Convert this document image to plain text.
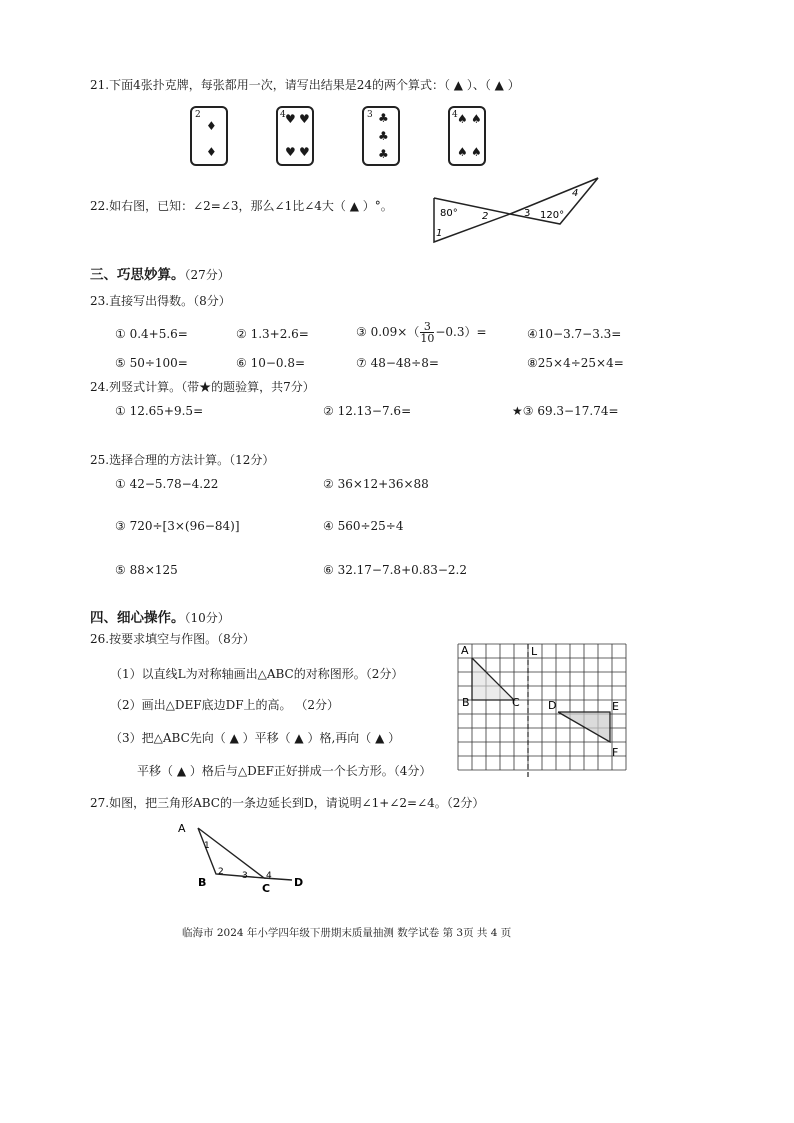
21.下面4张扑克牌，每张都用一次，请写出结果是24的两个算式：（ ▲ ）、（ ▲ ）
2
♦
♦
4 ♥ ♥
♥ ♥
3 ♣
♣
♣
4 ♠ ♠
♠ ♠
22.如右图，已知：∠2=∠3，那么∠1比∠4大（ ▲ ）°。
80°
1
2	3 120°
4
三、巧思妙算。（27分）
23.直接写出得数。（8分）
① 0.4+5.6=	② 1.3+2.6=	③ $0.09\times( \frac{3}{10} -0.3)=$	④10−3.7−3.3=
⑤ 50÷100=	⑥ 10−0.8=	⑦ 48−48÷8=	⑧25×4÷25×4=
24.列竖式计算。（带★的题验算，共7分）
① 12.65+9.5=	② 12.13−7.6=	★③ 69.3−17.74=
25.选择合理的方法计算。（12分）
① 42−5.78−4.22	② 36×12+36×88
③ 720÷[3×(96−84)]	④ 560÷25÷4
⑤ 88×125	⑥ 32.17−7.8+0.83−2.2
四、细心操作。（10分）
26.按要求填空与作图。（8分）
（1）以直线L为对称轴画出△ABC的对称图形。（2分）
（2）画出△DEF底边DF上的高。 （2分）
（3）把△ABC先向（ ▲ ）平移（ ▲ ）格,再向（ ▲ ）
平移（ ▲ ）格后与△DEF正好拼成一个长方形。（4分）
A	L
B	C	D	E
F
27.如图，把三角形ABC的一条边延长到D，请说明∠1+∠2=∠4。（2分）
A
B	C D
1
2 3 4
临海市 2024 年小学四年级下册期末质量抽测 数学试卷 第 3页 共 4 页
